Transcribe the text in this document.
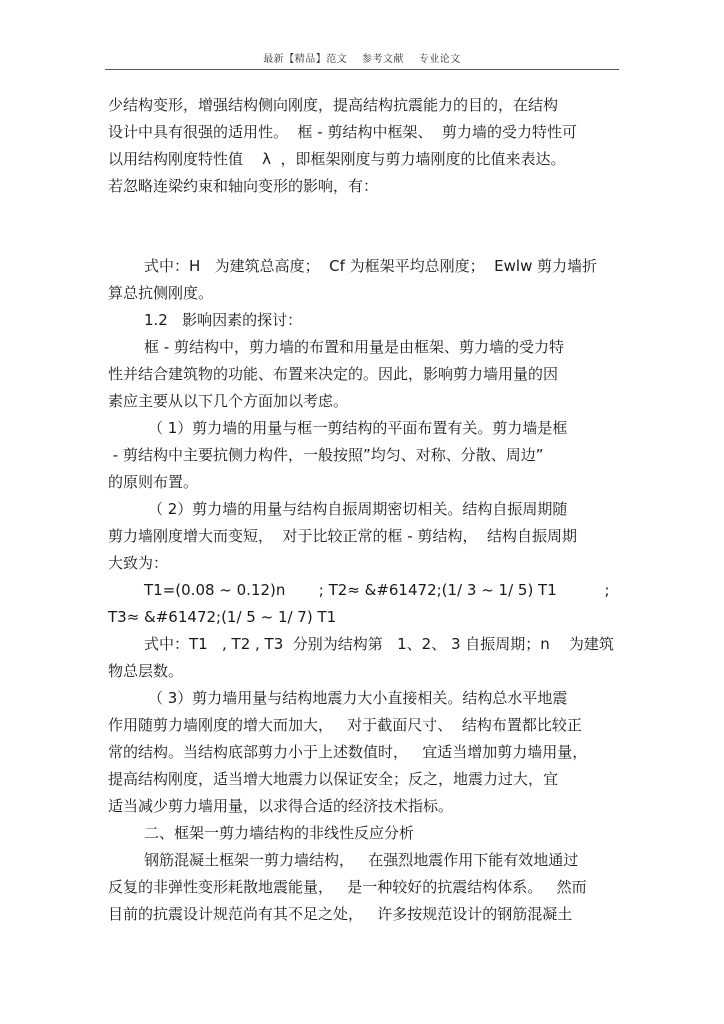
最新【精品】范文    参考文献    专业论文
少结构变形，增强结构侧向刚度，提高结构抗震能力的目的，在结构
设计中具有很强的适用性。  框 - 剪结构中框架、  剪力墙的受力特性可
以用结构刚度特性值    λ  ，即框架刚度与剪力墙刚度的比值来表达。
若忽略连梁约束和轴向变形的影响，有：
式中：H   为建筑总高度；  Cf 为框架平均总刚度；  Ewlw 剪力墙折
算总抗侧刚度。
1.2   影响因素的探讨：
框 - 剪结构中，剪力墙的布置和用量是由框架、剪力墙的受力特
性并结合建筑物的功能、布置来决定的。因此，影响剪力墙用量的因
素应主要从以下几个方面加以考虑。
（ 1）剪力墙的用量与框一剪结构的平面布置有关。剪力墙是框
- 剪结构中主要抗侧力构件，一般按照”均匀、对称、分散、周边”
的原则布置。
（ 2）剪力墙的用量与结构自振周期密切相关。结构自振周期随
剪力墙刚度增大而变短，  对于比较正常的框 - 剪结构，  结构自振周期
大致为：
T1=(0.08 ~ 0.12)n       ; T2≈ &#61472;(1/ 3 ~ 1/ 5) T1          ;
T3≈ &#61472;(1/ 5 ~ 1/ 7) T1
式中：T1   , T2 , T3  分别为结构第   1、2、 3 自振周期；n    为建筑
物总层数。
（ 3）剪力墙用量与结构地震力大小直接相关。结构总水平地震
作用随剪力墙刚度的增大而加大，   对于截面尺寸、  结构布置都比较正
常的结构。当结构底部剪力小于上述数值时，   宜适当增加剪力墙用量，
提高结构刚度，适当增大地震力以保证安全；反之，地震力过大，宜
适当减少剪力墙用量，以求得合适的经济技术指标。
二、框架一剪力墙结构的非线性反应分析
钢筋混凝土框架一剪力墙结构，   在强烈地震作用下能有效地通过
反复的非弹性变形耗散地震能量，   是一种较好的抗震结构体系。   然而
目前的抗震设计规范尚有其不足之处，   许多按规范设计的钢筋混凝土
